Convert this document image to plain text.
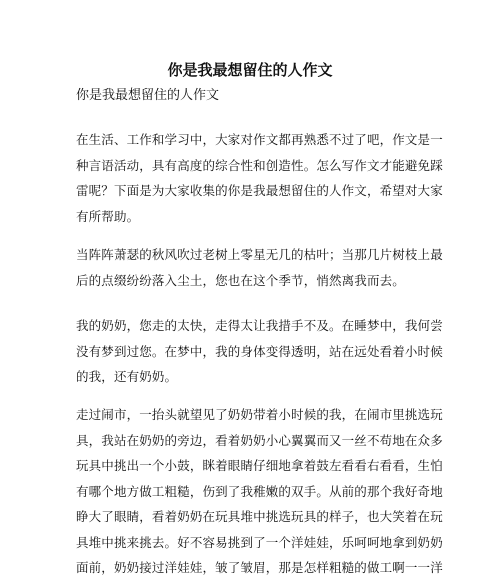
你是我最想留住的人作文
你是我最想留住的人作文
在生活、工作和学习中，大家对作文都再熟悉不过了吧，作文是一
种言语活动，具有高度的综合性和创造性。怎么写作文才能避免踩
雷呢？下面是为大家收集的你是我最想留住的人作文，希望对大家
有所帮助。
当阵阵萧瑟的秋风吹过老树上零星无几的枯叶；当那几片树枝上最
后的点缀纷纷落入尘土，您也在这个季节，悄然离我而去。
我的奶奶，您走的太快，走得太让我措手不及。在睡梦中，我何尝
没有梦到过您。在梦中，我的身体变得透明，站在远处看着小时候
的我，还有奶奶。
走过闹市，一抬头就望见了奶奶带着小时候的我，在闹市里挑选玩
具，我站在奶奶的旁边，看着奶奶小心翼翼而又一丝不苟地在众多
玩具中挑出一个小鼓，眯着眼睛仔细地拿着鼓左看看右看看，生怕
有哪个地方做工粗糙，伤到了我稚嫩的双手。从前的那个我好奇地
睁大了眼睛，看着奶奶在玩具堆中挑选玩具的样子，也大笑着在玩
具堆中挑来挑去。好不容易挑到了一个洋娃娃，乐呵呵地拿到奶奶
面前，奶奶接过洋娃娃，皱了皱眉，那是怎样粗糙的做工啊一一洋
